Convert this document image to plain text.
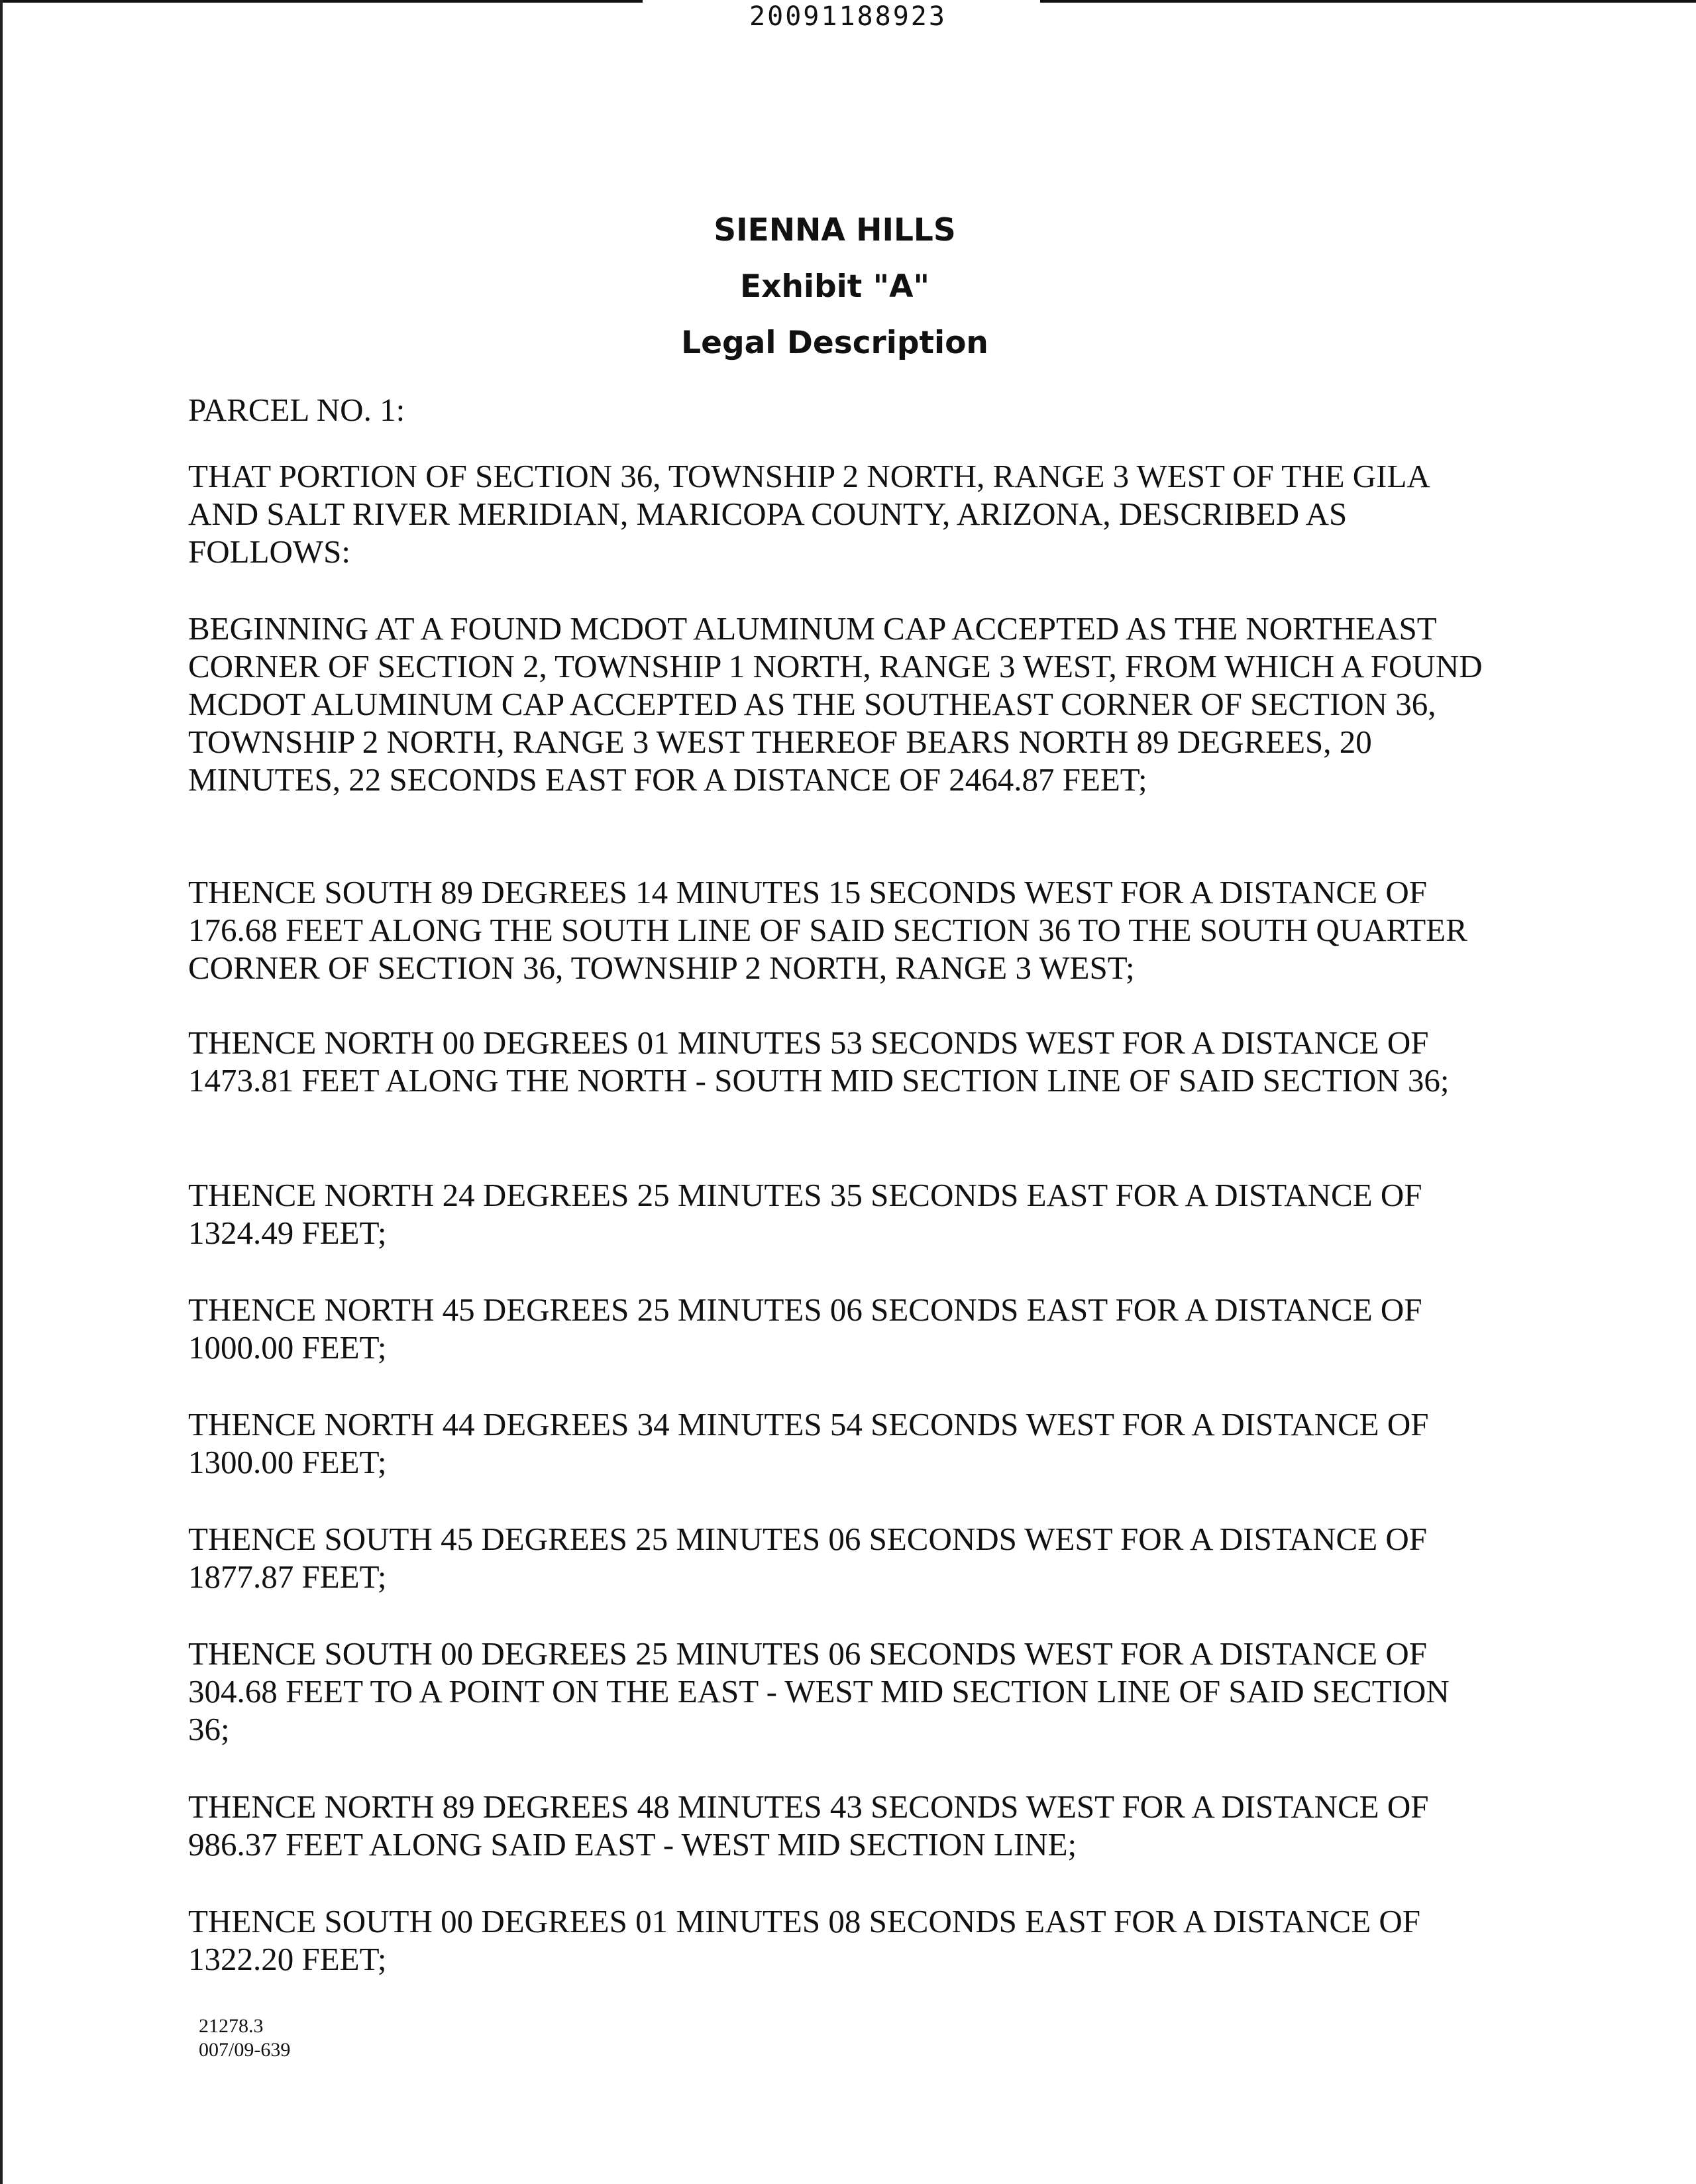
20091188923
SIENNA HILLS
Exhibit "A"
Legal Description

PARCEL NO. 1:

THAT PORTION OF SECTION 36, TOWNSHIP 2 NORTH, RANGE 3 WEST OF THE GILA AND SALT RIVER MERIDIAN, MARICOPA COUNTY, ARIZONA, DESCRIBED AS FOLLOWS:

BEGINNING AT A FOUND MCDOT ALUMINUM CAP ACCEPTED AS THE NORTHEAST CORNER OF SECTION 2, TOWNSHIP 1 NORTH, RANGE 3 WEST, FROM WHICH A FOUND MCDOT ALUMINUM CAP ACCEPTED AS THE SOUTHEAST CORNER OF SECTION 36, TOWNSHIP 2 NORTH, RANGE 3 WEST THEREOF BEARS NORTH 89 DEGREES, 20 MINUTES, 22 SECONDS EAST FOR A DISTANCE OF 2464.87 FEET;

THENCE SOUTH 89 DEGREES 14 MINUTES 15 SECONDS WEST FOR A DISTANCE OF 176.68 FEET ALONG THE SOUTH LINE OF SAID SECTION 36 TO THE SOUTH QUARTER CORNER OF SECTION 36, TOWNSHIP 2 NORTH, RANGE 3 WEST;

THENCE NORTH 00 DEGREES 01 MINUTES 53 SECONDS WEST FOR A DISTANCE OF 1473.81 FEET ALONG THE NORTH - SOUTH MID SECTION LINE OF SAID SECTION 36;

THENCE NORTH 24 DEGREES 25 MINUTES 35 SECONDS EAST FOR A DISTANCE OF 1324.49 FEET;

THENCE NORTH 45 DEGREES 25 MINUTES 06 SECONDS EAST FOR A DISTANCE OF 1000.00 FEET;

THENCE NORTH 44 DEGREES 34 MINUTES 54 SECONDS WEST FOR A DISTANCE OF 1300.00 FEET;

THENCE SOUTH 45 DEGREES 25 MINUTES 06 SECONDS WEST FOR A DISTANCE OF 1877.87 FEET;

THENCE SOUTH 00 DEGREES 25 MINUTES 06 SECONDS WEST FOR A DISTANCE OF 304.68 FEET TO A POINT ON THE EAST - WEST MID SECTION LINE OF SAID SECTION 36;

THENCE NORTH 89 DEGREES 48 MINUTES 43 SECONDS WEST FOR A DISTANCE OF 986.37 FEET ALONG SAID EAST - WEST MID SECTION LINE;

THENCE SOUTH 00 DEGREES 01 MINUTES 08 SECONDS EAST FOR A DISTANCE OF 1322.20 FEET;

21278.3
007/09-639
